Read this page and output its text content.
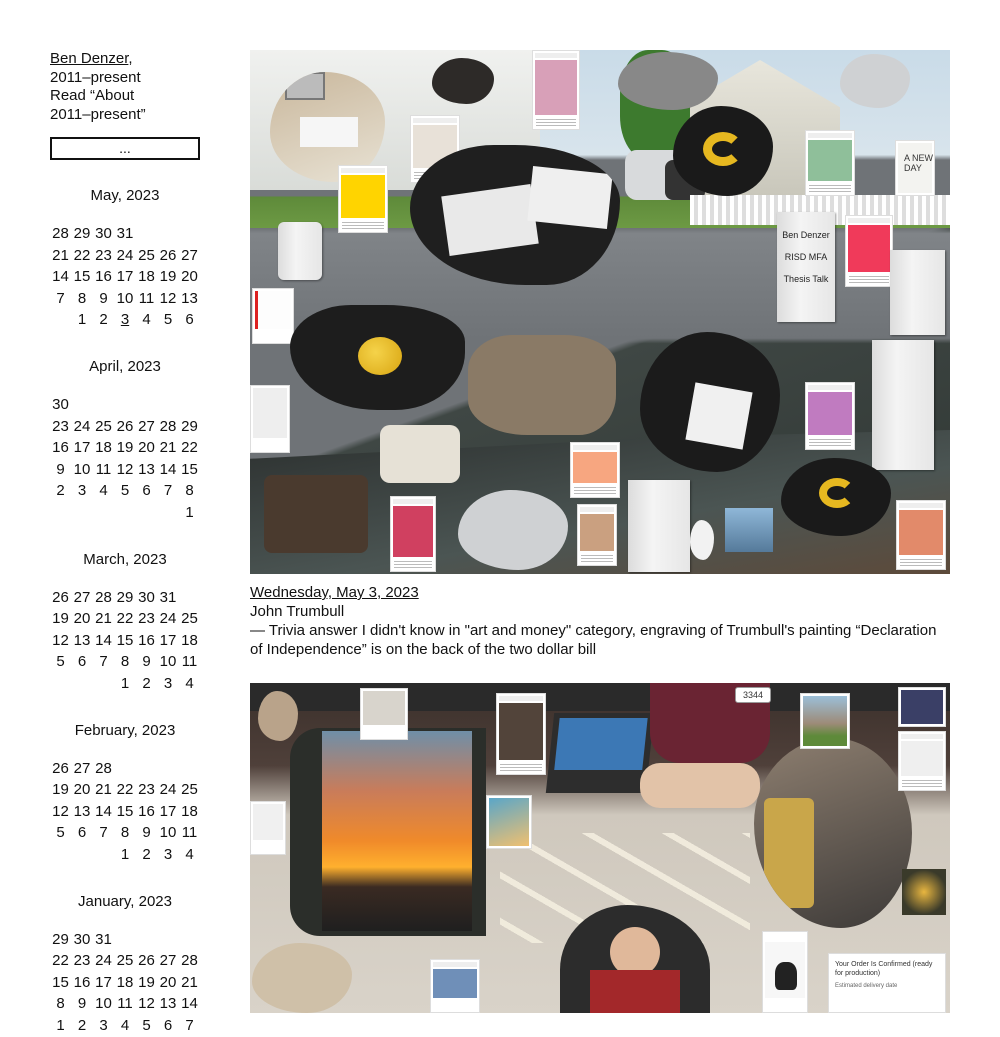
Ben Denzer,
2011–present
Read “About
2011–present”
...
May, 2023
28 29 30 31
21 22 23 24 25 26 27
14 15 16 17 18 19 20
7 8 9 10 11 12 13
1 2 3 4 5 6
April, 2023
30
23 24 25 26 27 28 29
16 17 18 19 20 21 22
9 10 11 12 13 14 15
2 3 4 5 6 7 8
1
March, 2023
26 27 28 29 30 31
19 20 21 22 23 24 25
12 13 14 15 16 17 18
5 6 7 8 9 10 11
1 2 3 4
February, 2023
26 27 28
19 20 21 22 23 24 25
12 13 14 15 16 17 18
5 6 7 8 9 10 11
1 2 3 4
January, 2023
29 30 31
22 23 24 25 26 27 28
15 16 17 18 19 20 21
8 9 10 11 12 13 14
1 2 3 4 5 6 7
A NEW DAY
Ben Denzer

RISD MFA

Thesis Talk
Wednesday, May 3, 2023
John Trumbull
— Trivia answer I didn't know in "art and money" category, engraving of Trumbull's painting “Declaration of Independence” is on the back of the two dollar bill
3344
Your Order Is Confirmed (ready for production)
Estimated delivery date
